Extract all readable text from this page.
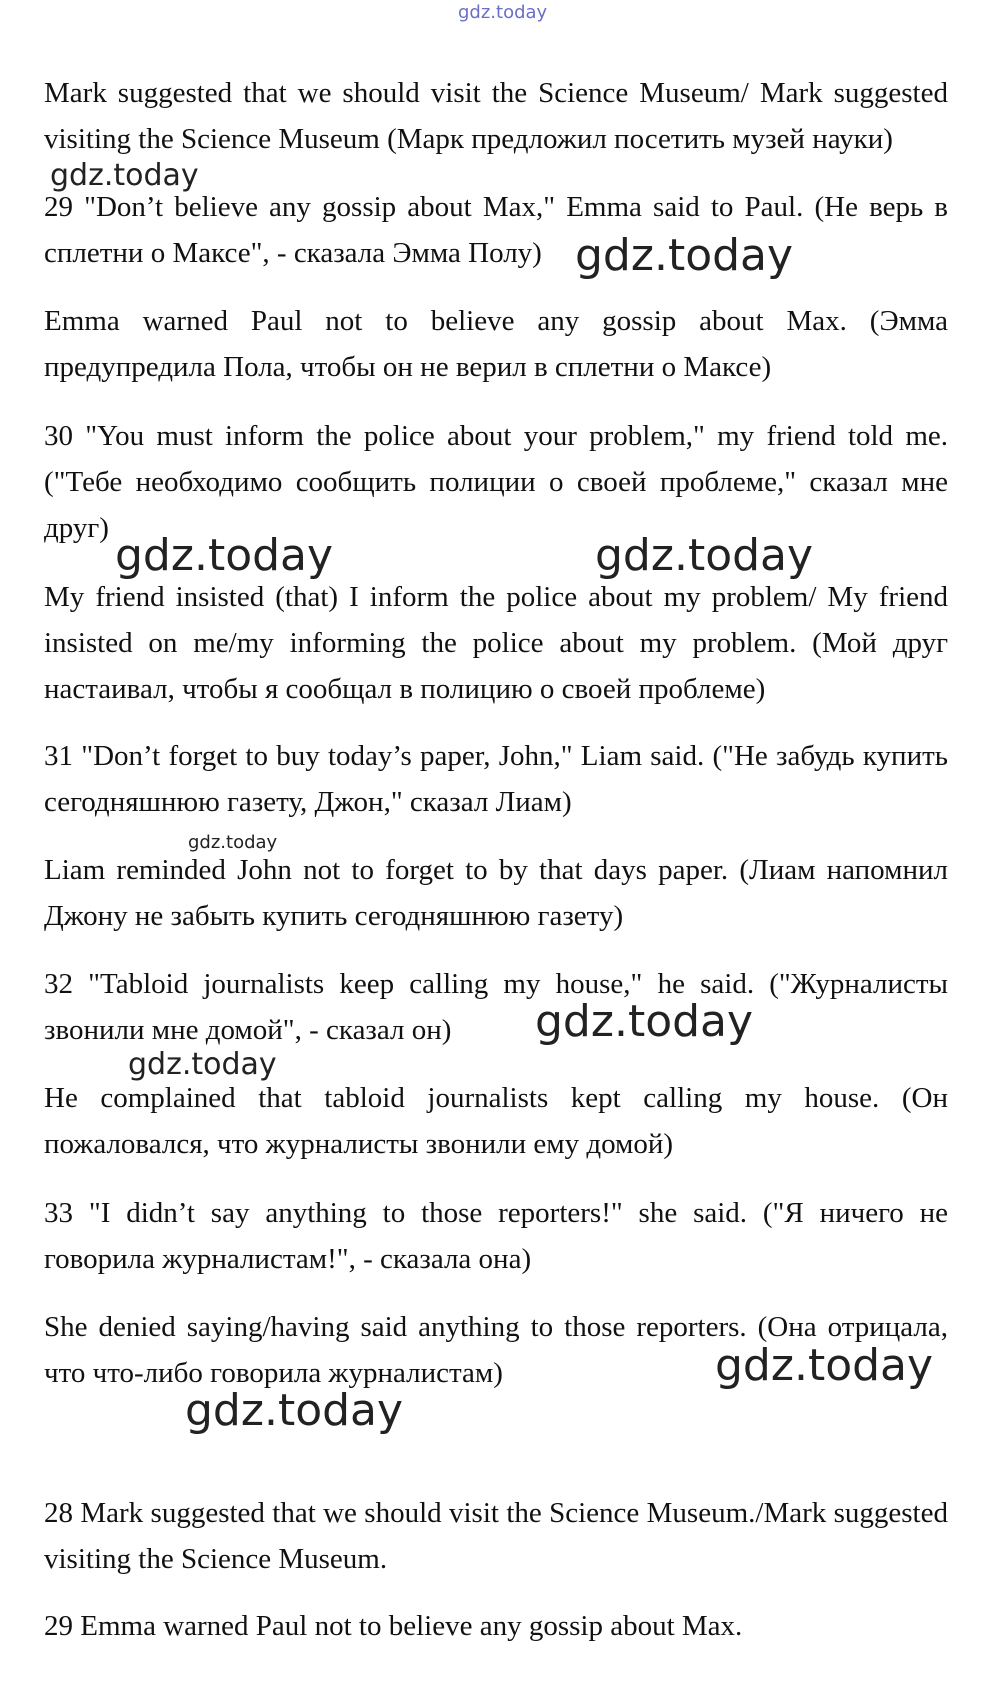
gdz.today

Mark suggested that we should visit the Science Museum/ Mark suggested visiting the Science Museum (Марк предложил посетить музей науки)

29 "Don’t believe any gossip about Max," Emma said to Paul. (Не верь в сплетни о Максе", - сказала Эмма Полу)

Emma warned Paul not to believe any gossip about Max. (Эмма предупредила Пола, чтобы он не верил в сплетни о Максе)

30 "You must inform the police about your problem," my friend told me. ("Тебе необходимо сообщить полиции о своей проблеме," сказал мне друг)

My friend insisted (that) I inform the police about my problem/ My friend insisted on me/my informing the police about my problem. (Мой друг настаивал, чтобы я сообщал в полицию о своей проблеме)

31 "Don’t forget to buy today’s paper, John," Liam said. ("Не забудь купить сегодняшнюю газету, Джон," сказал Лиам)

Liam reminded John not to forget to by that days paper. (Лиам напомнил Джону не забыть купить сегодняшнюю газету)

32 "Tabloid journalists keep calling my house," he said. ("Журналисты звонили мне домой", - сказал он)

He complained that tabloid journalists kept calling my house. (Он пожаловался, что журналисты звонили ему домой)

33 "I didn’t say anything to those reporters!" she said. ("Я ничего не говорила журналистам!", - сказала она)

She denied saying/having said anything to those reporters. (Она отрицала, что что-либо говорила журналистам)

28 Mark suggested that we should visit the Science Museum./Mark suggested visiting the Science Museum.

29 Emma warned Paul not to believe any gossip about Max.

gdz.today
gdz.today
gdz.today	gdz.today
gdz.today
gdz.today
gdz.today
gdz.today
gdz.today
